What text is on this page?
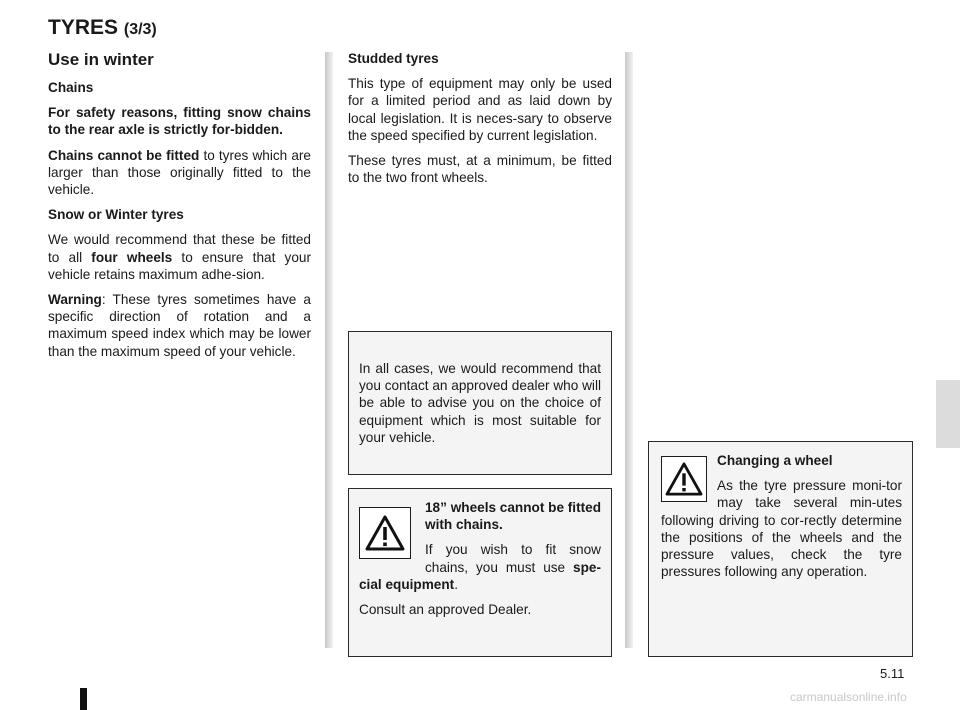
TYRES (3/3)
Use in winter

Chains

For safety reasons, fitting snow chains to the rear axle is strictly for-bidden.

Chains cannot be fitted to tyres which are larger than those originally fitted to the vehicle.

Snow or Winter tyres

We would recommend that these be fitted to all four wheels to ensure that your vehicle retains maximum adhe-sion.

Warning: These tyres sometimes have a specific direction of rotation and a maximum speed index which may be lower than the maximum speed of your vehicle.

Studded tyres

This type of equipment may only be used for a limited period and as laid down by local legislation. It is neces-sary to observe the speed specified by current legislation.

These tyres must, at a minimum, be fitted to the two front wheels.

In all cases, we would recommend that you contact an approved dealer who will be able to advise you on the choice of equipment which is most suitable for your vehicle.

18” wheels cannot be fitted with chains.

If you wish to fit snow chains, you must use spe-cial equipment.

Consult an approved Dealer.

Changing a wheel

As the tyre pressure moni-tor may take several min-utes following driving to cor-rectly determine the positions of the wheels and the pressure values, check the tyre pressures following any operation.

5.11
carmanualsonline.info
